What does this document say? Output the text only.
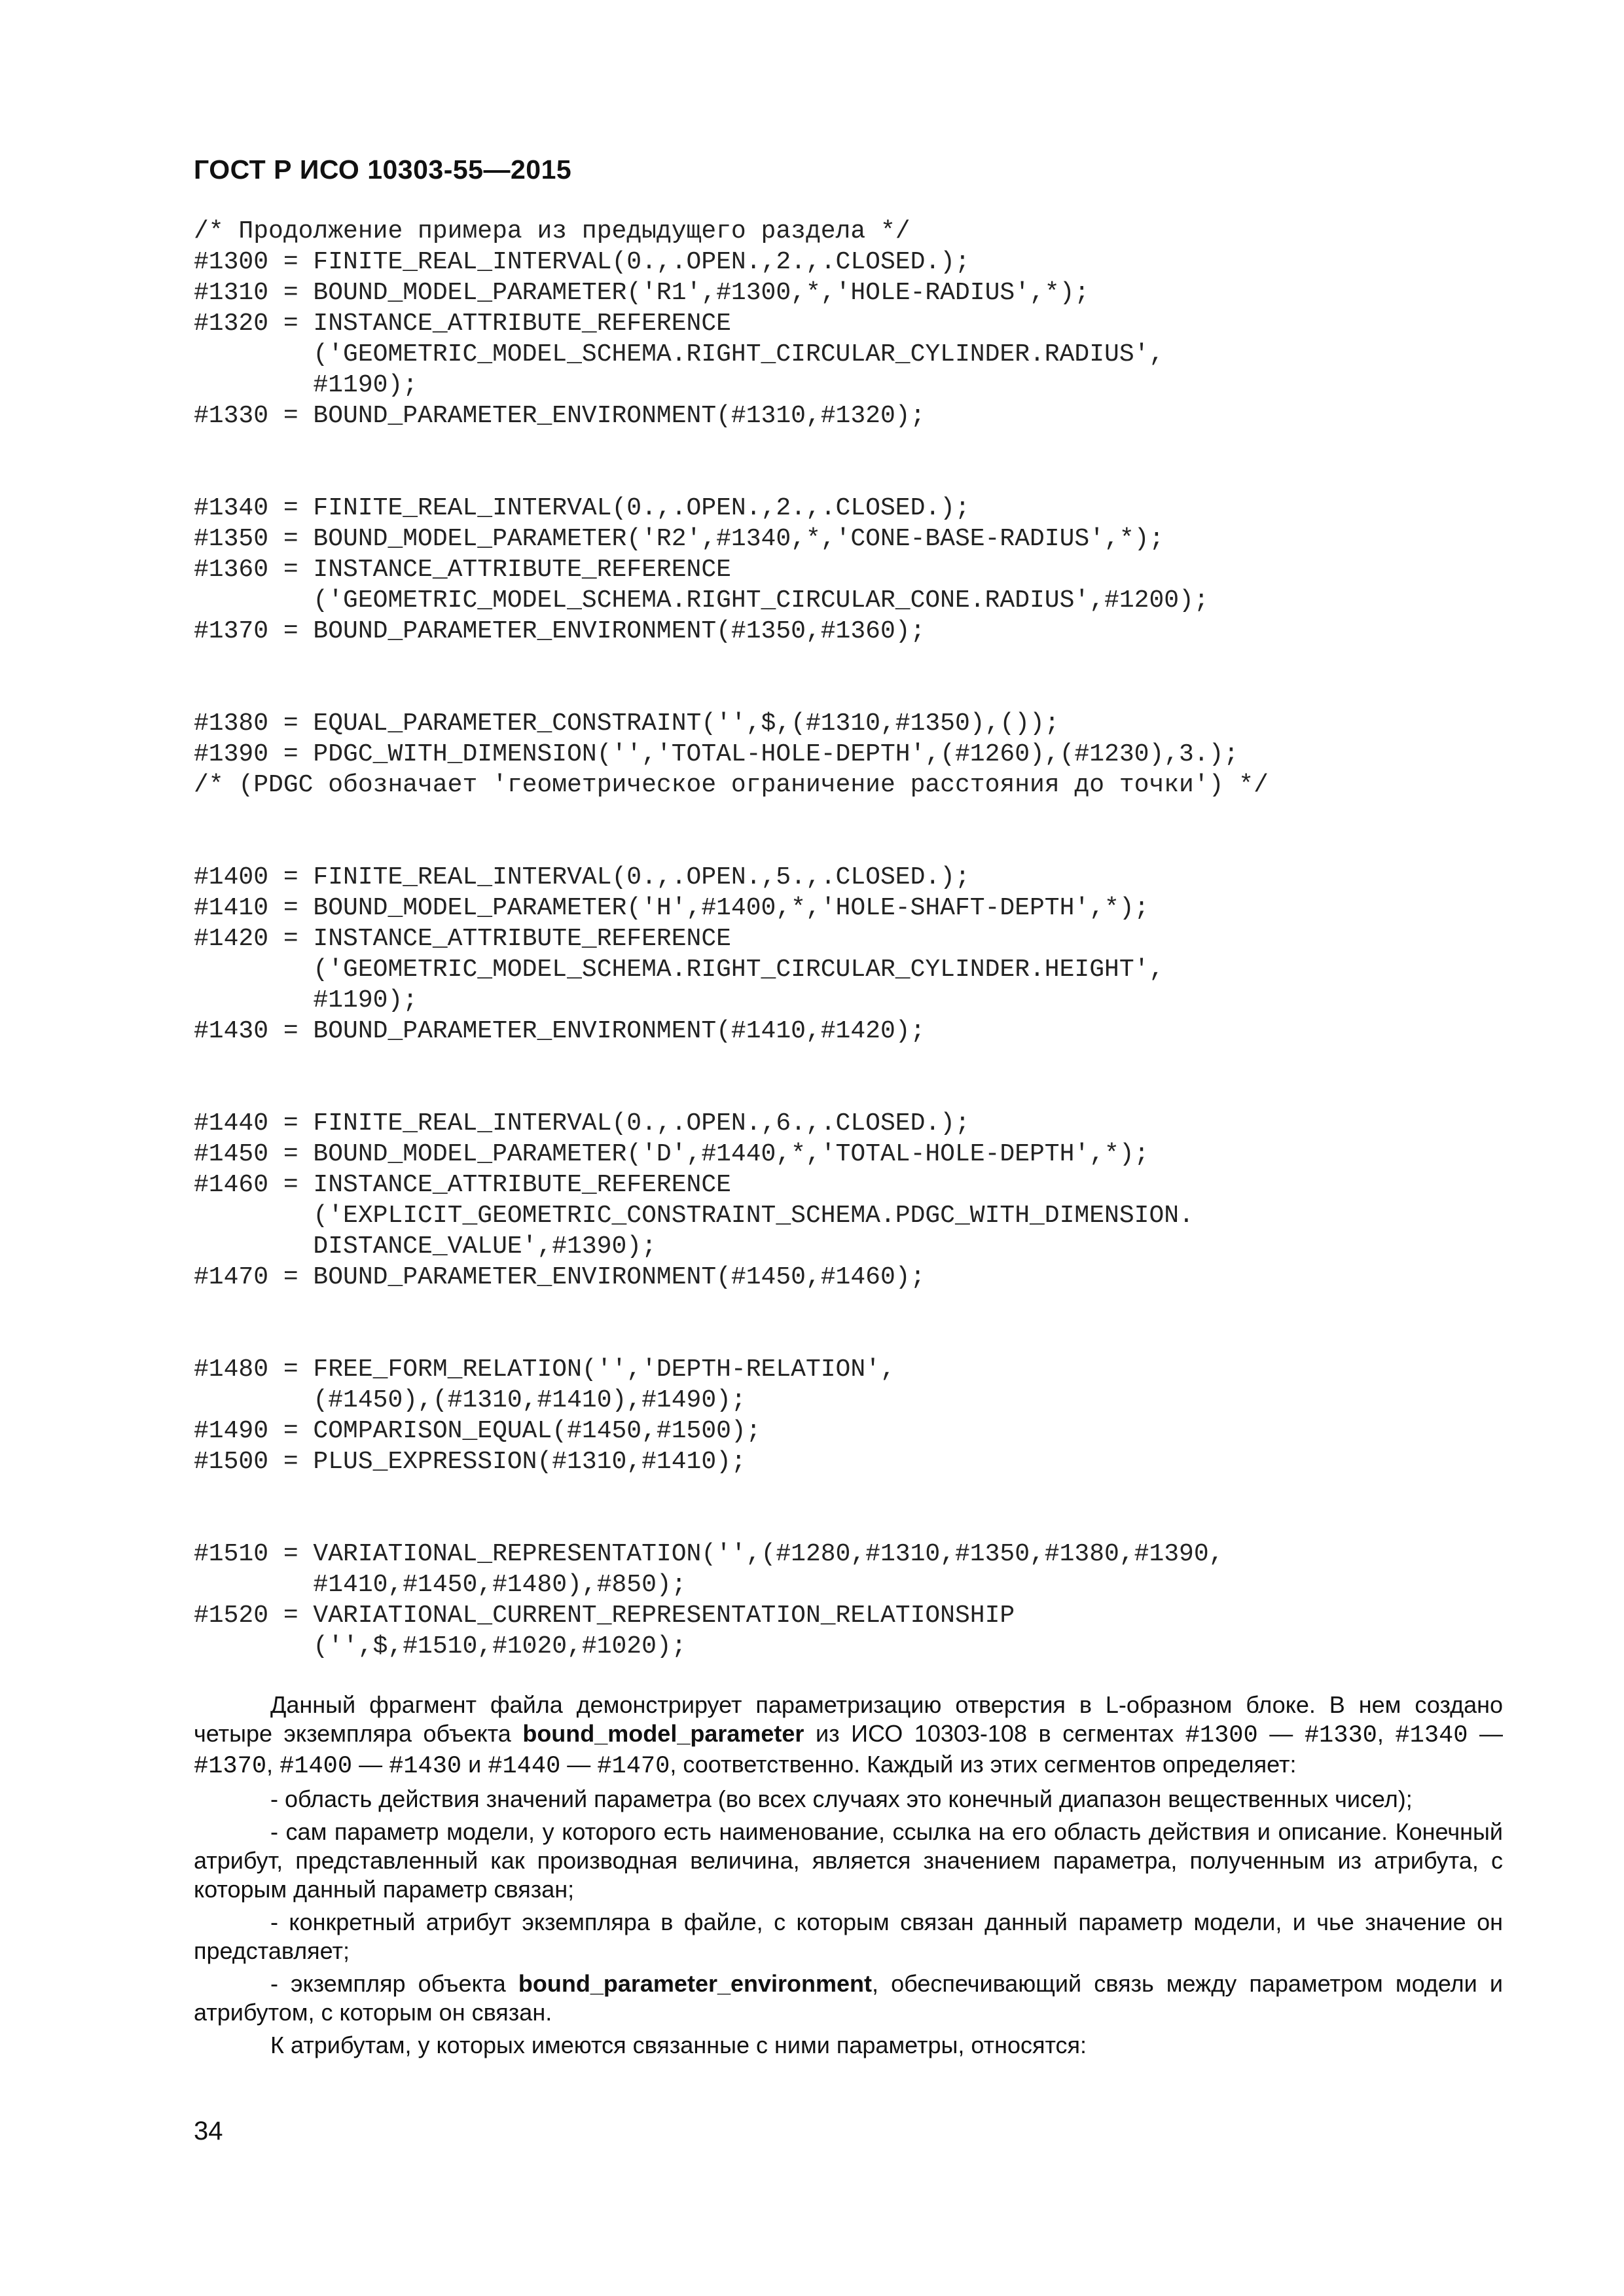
ГОСТ Р ИСО 10303-55—2015
/* Продолжение примера из предыдущего раздела */
#1300 = FINITE_REAL_INTERVAL(0.,.OPEN.,2.,.CLOSED.);
#1310 = BOUND_MODEL_PARAMETER('R1',#1300,*,'HOLE-RADIUS',*);
#1320 = INSTANCE_ATTRIBUTE_REFERENCE
('GEOMETRIC_MODEL_SCHEMA.RIGHT_CIRCULAR_CYLINDER.RADIUS',
#1190);
#1330 = BOUND_PARAMETER_ENVIRONMENT(#1310,#1320);
#1340 = FINITE_REAL_INTERVAL(0.,.OPEN.,2.,.CLOSED.);
#1350 = BOUND_MODEL_PARAMETER('R2',#1340,*,'CONE-BASE-RADIUS',*);
#1360 = INSTANCE_ATTRIBUTE_REFERENCE
('GEOMETRIC_MODEL_SCHEMA.RIGHT_CIRCULAR_CONE.RADIUS',#1200);
#1370 = BOUND_PARAMETER_ENVIRONMENT(#1350,#1360);
#1380 = EQUAL_PARAMETER_CONSTRAINT('',$,(#1310,#1350),());
#1390 = PDGC_WITH_DIMENSION('','TOTAL-HOLE-DEPTH',(#1260),(#1230),3.);
/* (PDGC обозначает 'геометрическое ограничение расстояния до точки') */
#1400 = FINITE_REAL_INTERVAL(0.,.OPEN.,5.,.CLOSED.);
#1410 = BOUND_MODEL_PARAMETER('H',#1400,*,'HOLE-SHAFT-DEPTH',*);
#1420 = INSTANCE_ATTRIBUTE_REFERENCE
('GEOMETRIC_MODEL_SCHEMA.RIGHT_CIRCULAR_CYLINDER.HEIGHT',
#1190);
#1430 = BOUND_PARAMETER_ENVIRONMENT(#1410,#1420);
#1440 = FINITE_REAL_INTERVAL(0.,.OPEN.,6.,.CLOSED.);
#1450 = BOUND_MODEL_PARAMETER('D',#1440,*,'TOTAL-HOLE-DEPTH',*);
#1460 = INSTANCE_ATTRIBUTE_REFERENCE
('EXPLICIT_GEOMETRIC_CONSTRAINT_SCHEMA.PDGC_WITH_DIMENSION.
DISTANCE_VALUE',#1390);
#1470 = BOUND_PARAMETER_ENVIRONMENT(#1450,#1460);
#1480 = FREE_FORM_RELATION('','DEPTH-RELATION',
(#1450),(#1310,#1410),#1490);
#1490 = COMPARISON_EQUAL(#1450,#1500);
#1500 = PLUS_EXPRESSION(#1310,#1410);
#1510 = VARIATIONAL_REPRESENTATION('',(#1280,#1310,#1350,#1380,#1390,
#1410,#1450,#1480),#850);
#1520 = VARIATIONAL_CURRENT_REPRESENTATION_RELATIONSHIP
('',$,#1510,#1020,#1020);

Данный фрагмент файла демонстрирует параметризацию отверстия в L-образном блоке. В нем создано четыре экземпляра объекта bound_model_parameter из ИСО 10303-108 в сегментах #1300 — #1330, #1340 — #1370, #1400 — #1430 и #1440 — #1470, соответственно. Каждый из этих сегментов определяет:

- область действия значений параметра (во всех случаях это конечный диапазон вещественных чисел);

- сам параметр модели, у которого есть наименование, ссылка на его область действия и описание. Конечный атрибут, представленный как производная величина, является значением параметра, полученным из атрибута, с которым данный параметр связан;

- конкретный атрибут экземпляра в файле, с которым связан данный параметр модели, и чье значение он представляет;

- экземпляр объекта bound_parameter_environment, обеспечивающий связь между параметром модели и атрибутом, с которым он связан.

К атрибутам, у которых имеются связанные с ними параметры, относятся:

34
